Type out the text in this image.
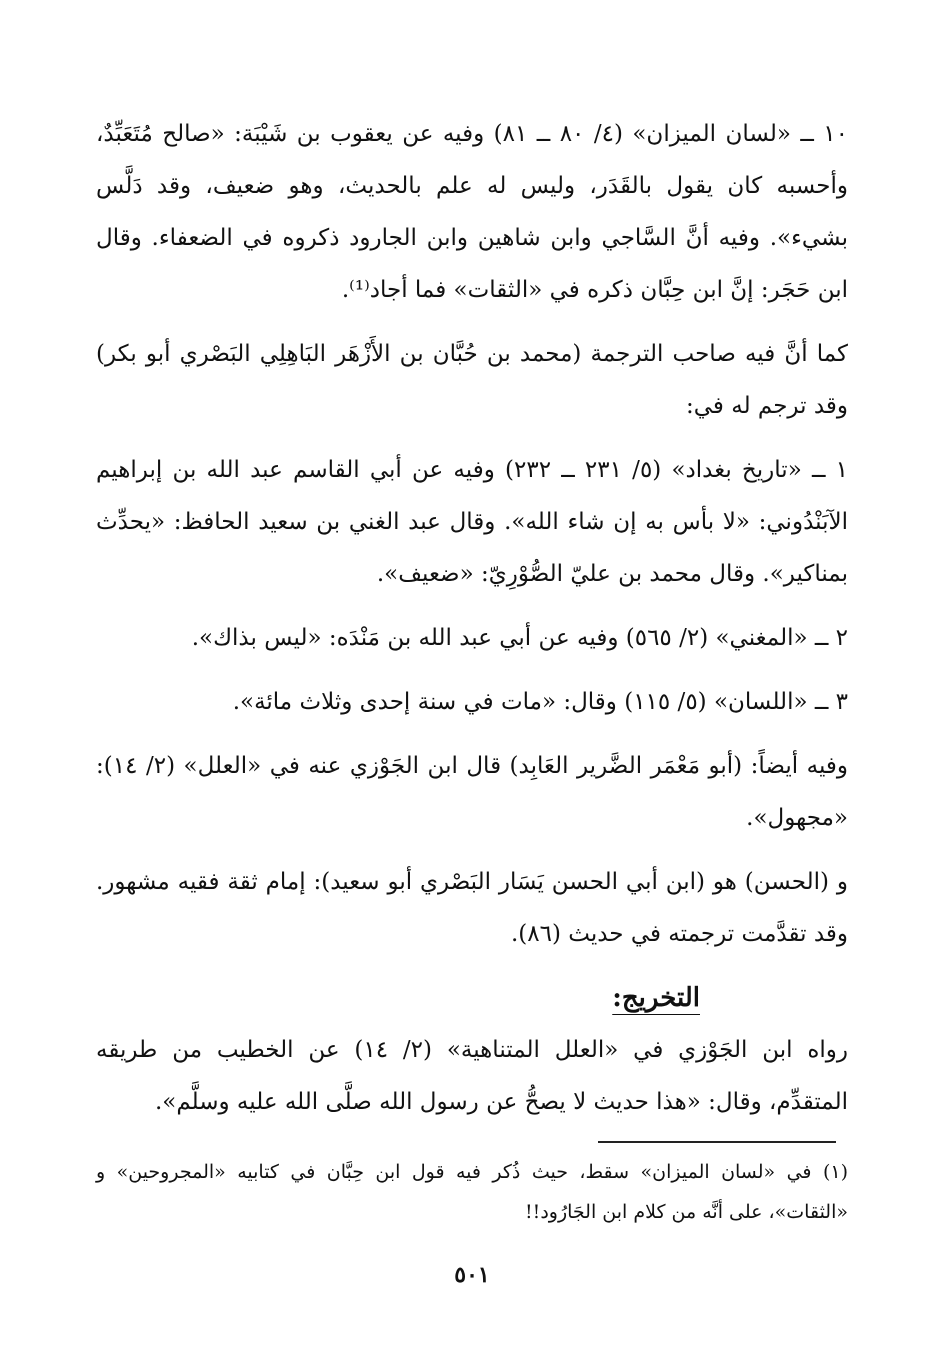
١٠ ــ «لسان الميزان» (٤/ ٨٠ ــ ٨١) وفيه عن يعقوب بن شَيْبَة: «صالح مُتَعَبِّدٌ، وأحسبه كان يقول بالقَدَر، وليس له علم بالحديث، وهو ضعيف، وقد دَلَّس بشيء». وفيه أنَّ السَّاجي وابن شاهين وابن الجارود ذكروه في الضعفاء. وقال ابن حَجَر: إنَّ ابن حِبَّان ذكره في «الثقات» فما أجاد⁽¹⁾.

كما أنَّ فيه صاحب الترجمة (محمد بن حُبَّان بن الأَزْهَر البَاهِلِي البَصْري أبو بكر) وقد ترجم له في:

١ ــ «تاريخ بغداد» (٥/ ٢٣١ ــ ٢٣٢) وفيه عن أبي القاسم عبد الله بن إبراهيم الآبَنْدُوني: «لا بأس به إن شاء الله». وقال عبد الغني بن سعيد الحافظ: «يحدِّث بمناكير». وقال محمد بن عليّ الصُّوْرِيّ: «ضعيف».

٢ ــ «المغني» (٢/ ٥٦٥) وفيه عن أبي عبد الله بن مَنْدَه: «ليس بذاك».

٣ ــ «اللسان» (٥/ ١١٥) وقال: «مات في سنة إحدى وثلاث مائة».

وفيه أيضاً: (أبو مَعْمَر الضَّرير العَابِد) قال ابن الجَوْزي عنه في «العلل» (٢/ ١٤): «مجهول».

و (الحسن) هو (ابن أبي الحسن يَسَار البَصْري أبو سعيد): إمام ثقة فقيه مشهور. وقد تقدَّمت ترجمته في حديث (٨٦).

التخريج:

رواه ابن الجَوْزي في «العلل المتناهية» (٢/ ١٤) عن الخطيب من طريقه المتقدِّم، وقال: «هذا حديث لا يصحُّ عن رسول الله صلَّى الله عليه وسلَّم».

(١) في «لسان الميزان» سقط، حيث ذُكر فيه قول ابن حِبَّان في كتابيه «المجروحين» و «الثقات»، على أنَّه من كلام ابن الجَارُود!!
٥٠١
